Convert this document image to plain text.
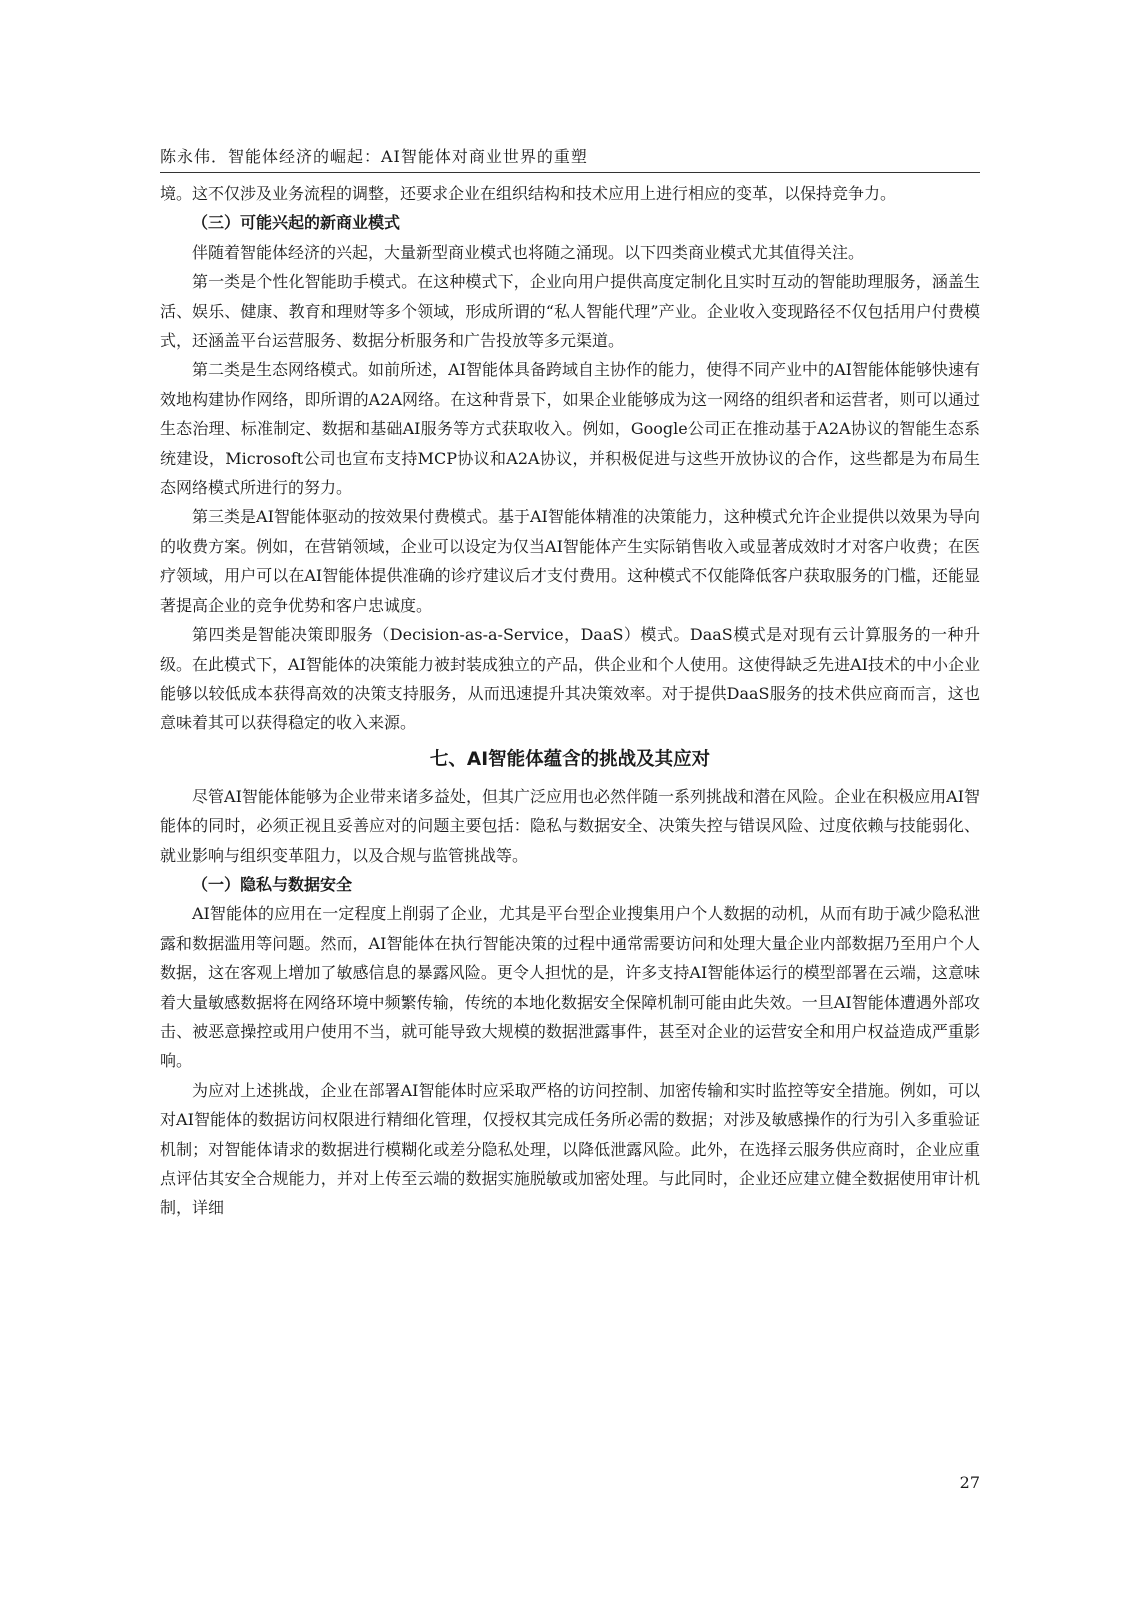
陈永伟．智能体经济的崛起：AI智能体对商业世界的重塑

境。这不仅涉及业务流程的调整，还要求企业在组织结构和技术应用上进行相应的变革，以保持竞争力。

（三）可能兴起的新商业模式

伴随着智能体经济的兴起，大量新型商业模式也将随之涌现。以下四类商业模式尤其值得关注。

第一类是个性化智能助手模式。在这种模式下，企业向用户提供高度定制化且实时互动的智能助理服务，涵盖生活、娱乐、健康、教育和理财等多个领域，形成所谓的“私人智能代理”产业。企业收入变现路径不仅包括用户付费模式，还涵盖平台运营服务、数据分析服务和广告投放等多元渠道。

第二类是生态网络模式。如前所述，AI智能体具备跨域自主协作的能力，使得不同产业中的AI智能体能够快速有效地构建协作网络，即所谓的A2A网络。在这种背景下，如果企业能够成为这一网络的组织者和运营者，则可以通过生态治理、标准制定、数据和基础AI服务等方式获取收入。例如，Google公司正在推动基于A2A协议的智能生态系统建设，Microsoft公司也宣布支持MCP协议和A2A协议，并积极促进与这些开放协议的合作，这些都是为布局生态网络模式所进行的努力。

第三类是AI智能体驱动的按效果付费模式。基于AI智能体精准的决策能力，这种模式允许企业提供以效果为导向的收费方案。例如，在营销领域，企业可以设定为仅当AI智能体产生实际销售收入或显著成效时才对客户收费；在医疗领域，用户可以在AI智能体提供准确的诊疗建议后才支付费用。这种模式不仅能降低客户获取服务的门槛，还能显著提高企业的竞争优势和客户忠诚度。

第四类是智能决策即服务（Decision-as-a-Service，DaaS）模式。DaaS模式是对现有云计算服务的一种升级。在此模式下，AI智能体的决策能力被封装成独立的产品，供企业和个人使用。这使得缺乏先进AI技术的中小企业能够以较低成本获得高效的决策支持服务，从而迅速提升其决策效率。对于提供DaaS服务的技术供应商而言，这也意味着其可以获得稳定的收入来源。

七、AI智能体蕴含的挑战及其应对

尽管AI智能体能够为企业带来诸多益处，但其广泛应用也必然伴随一系列挑战和潜在风险。企业在积极应用AI智能体的同时，必须正视且妥善应对的问题主要包括：隐私与数据安全、决策失控与错误风险、过度依赖与技能弱化、就业影响与组织变革阻力，以及合规与监管挑战等。

（一）隐私与数据安全

AI智能体的应用在一定程度上削弱了企业，尤其是平台型企业搜集用户个人数据的动机，从而有助于减少隐私泄露和数据滥用等问题。然而，AI智能体在执行智能决策的过程中通常需要访问和处理大量企业内部数据乃至用户个人数据，这在客观上增加了敏感信息的暴露风险。更令人担忧的是，许多支持AI智能体运行的模型部署在云端，这意味着大量敏感数据将在网络环境中频繁传输，传统的本地化数据安全保障机制可能由此失效。一旦AI智能体遭遇外部攻击、被恶意操控或用户使用不当，就可能导致大规模的数据泄露事件，甚至对企业的运营安全和用户权益造成严重影响。

为应对上述挑战，企业在部署AI智能体时应采取严格的访问控制、加密传输和实时监控等安全措施。例如，可以对AI智能体的数据访问权限进行精细化管理，仅授权其完成任务所必需的数据；对涉及敏感操作的行为引入多重验证机制；对智能体请求的数据进行模糊化或差分隐私处理，以降低泄露风险。此外，在选择云服务供应商时，企业应重点评估其安全合规能力，并对上传至云端的数据实施脱敏或加密处理。与此同时，企业还应建立健全数据使用审计机制，详细

27
